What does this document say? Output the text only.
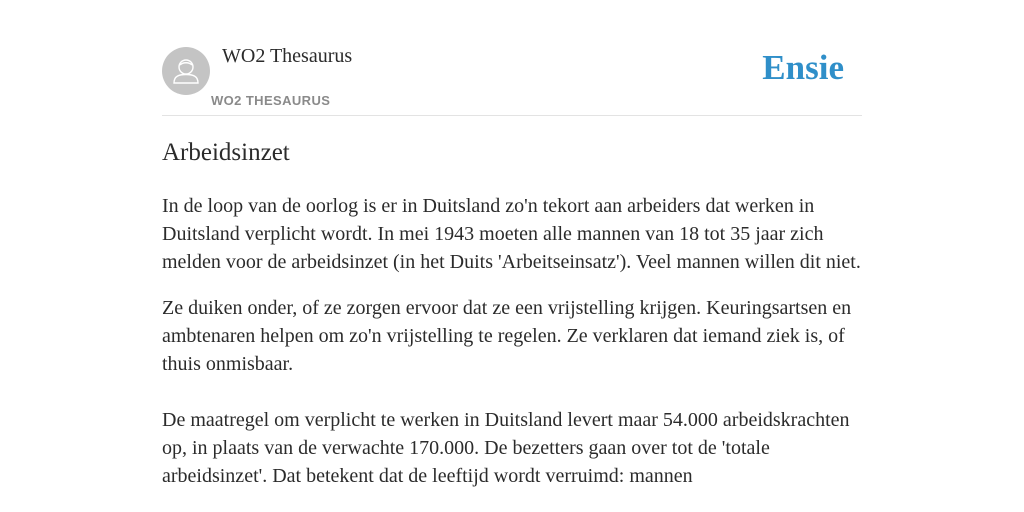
WO2 Thesaurus
WO2 THESAURUS
Ensie
Arbeidsinzet

In de loop van de oorlog is er in Duitsland zo'n tekort aan arbeiders dat werken in Duitsland verplicht wordt. In mei 1943 moeten alle mannen van 18 tot 35 jaar zich melden voor de arbeidsinzet (in het Duits 'Arbeitseinsatz'). Veel mannen willen dit niet.

Ze duiken onder, of ze zorgen ervoor dat ze een vrijstelling krijgen. Keuringsartsen en ambtenaren helpen om zo'n vrijstelling te regelen. Ze verklaren dat iemand ziek is, of thuis onmisbaar.

De maatregel om verplicht te werken in Duitsland levert maar 54.000 arbeidskrachten op, in plaats van de verwachte 170.000. De bezetters gaan over tot de 'totale arbeidsinzet'. Dat betekent dat de leeftijd wordt verruimd: mannen
